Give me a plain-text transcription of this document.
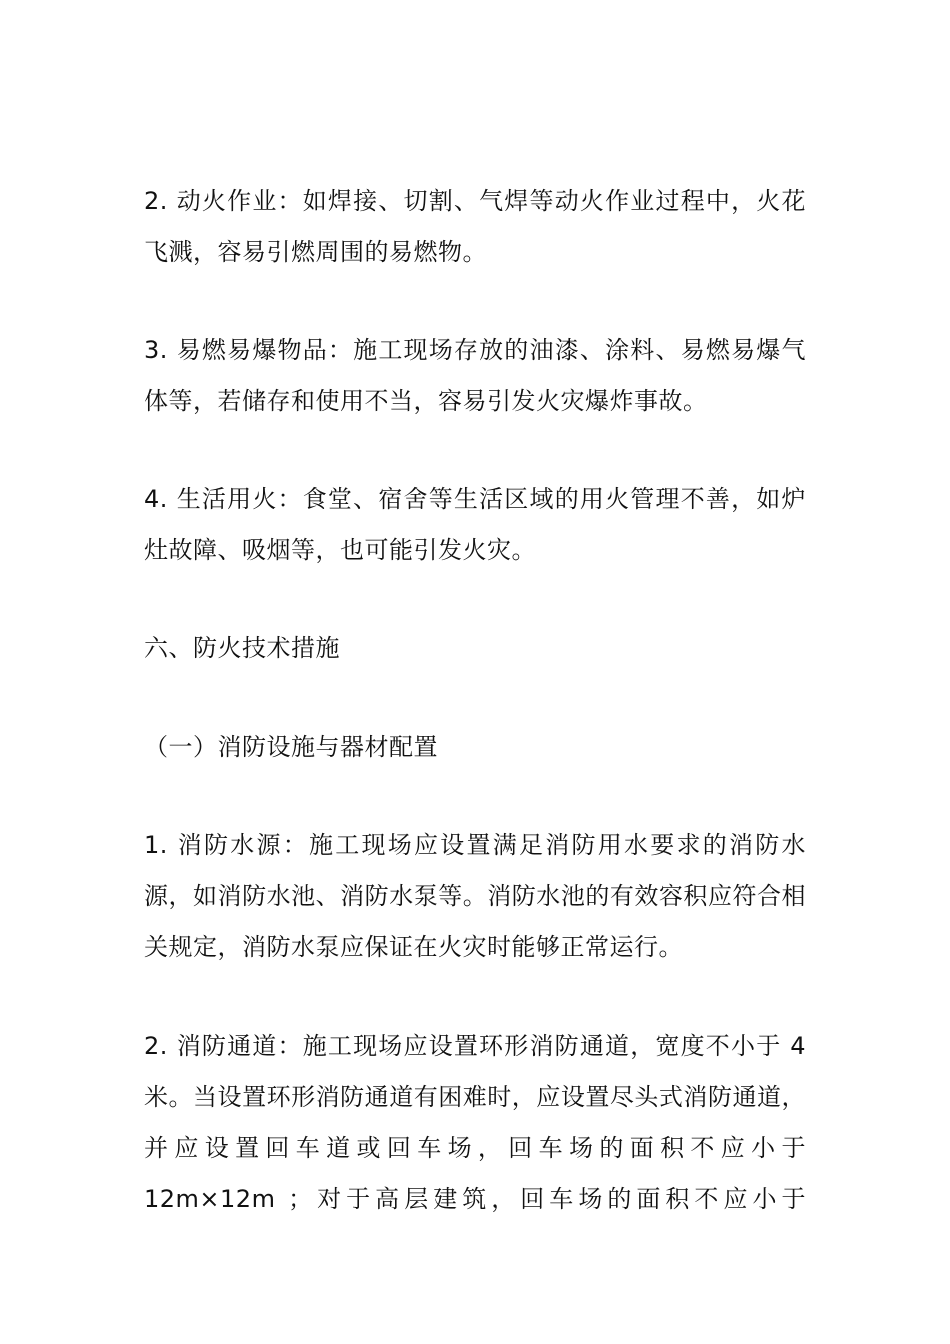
2. 动火作业：如焊接、切割、气焊等动火作业过程中，火花飞溅，容易引燃周围的易燃物。

3. 易燃易爆物品：施工现场存放的油漆、涂料、易燃易爆气体等，若储存和使用不当，容易引发火灾爆炸事故。

4. 生活用火：食堂、宿舍等生活区域的用火管理不善，如炉灶故障、吸烟等，也可能引发火灾。

六、防火技术措施

（一）消防设施与器材配置

1. 消防水源：施工现场应设置满足消防用水要求的消防水源，如消防水池、消防水泵等。消防水池的有效容积应符合相关规定，消防水泵应保证在火灾时能够正常运行。

2. 消防通道：施工现场应设置环形消防通道，宽度不小于 4 米。当设置环形消防通道有困难时，应设置尽头式消防通道，并应设置回车道或回车场，回车场的面积不应小于 12m×12m ；对于高层建筑，回车场的面积不应小于
